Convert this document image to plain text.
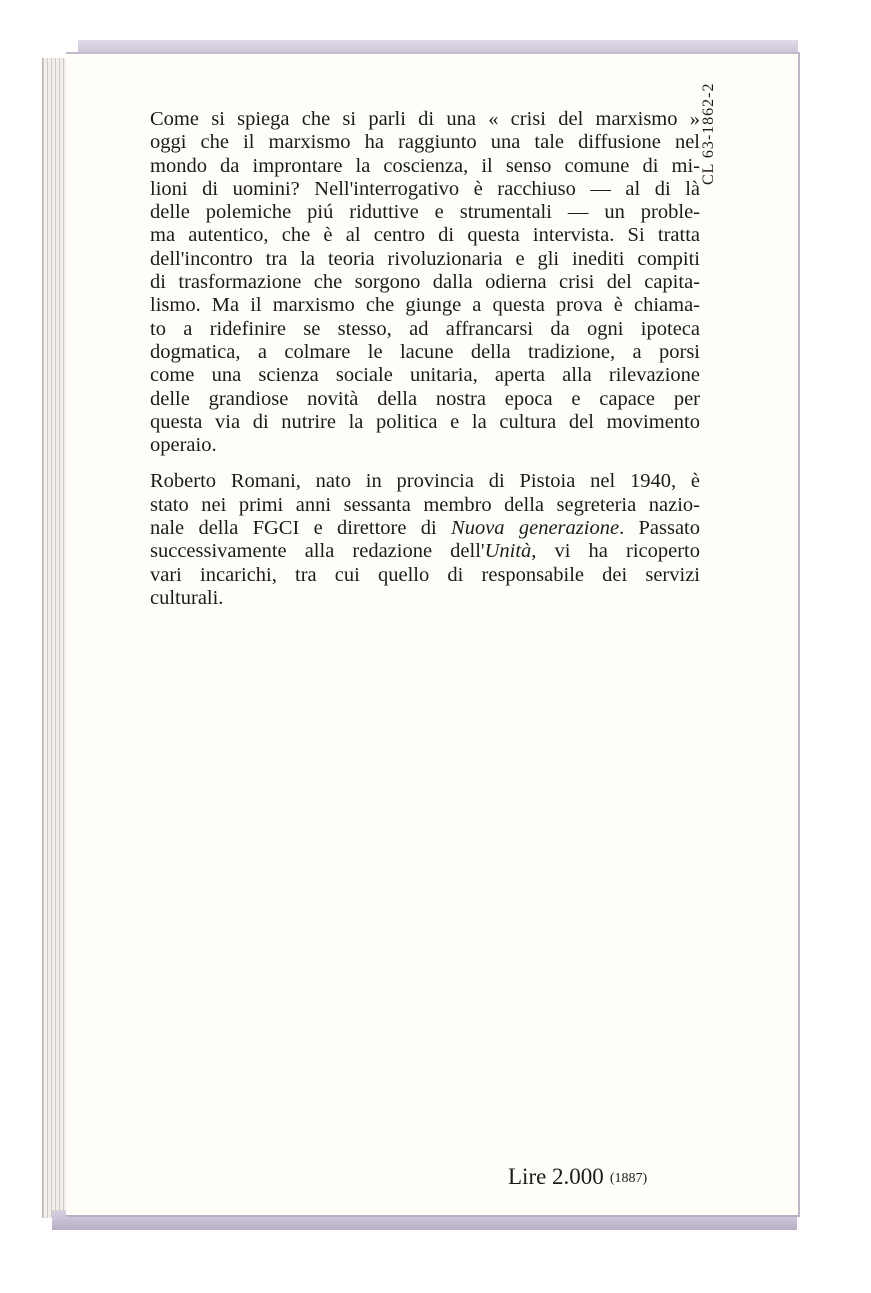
Come si spiega che si parli di una « crisi del marxismo »
oggi che il marxismo ha raggiunto una tale diffusione nel
mondo da improntare la coscienza, il senso comune di mi-
lioni di uomini? Nell'interrogativo è racchiuso — al di là
delle polemiche piú riduttive e strumentali — un proble-
ma autentico, che è al centro di questa intervista. Si tratta
dell'incontro tra la teoria rivoluzionaria e gli inediti compiti
di trasformazione che sorgono dalla odierna crisi del capita-
lismo. Ma il marxismo che giunge a questa prova è chiama-
to a ridefinire se stesso, ad affrancarsi da ogni ipoteca
dogmatica, a colmare le lacune della tradizione, a porsi
come una scienza sociale unitaria, aperta alla rilevazione
delle grandiose novità della nostra epoca e capace per
questa via di nutrire la politica e la cultura del movimento
operaio.

Roberto Romani, nato in provincia di Pistoia nel 1940, è
stato nei primi anni sessanta membro della segreteria nazio-
nale della FGCI e direttore di Nuova generazione. Passato
successivamente alla redazione dell'Unità, vi ha ricoperto
vari incarichi, tra cui quello di responsabile dei servizi
culturali.

CL 63-1862-2
Lire 2.000 (1887)
